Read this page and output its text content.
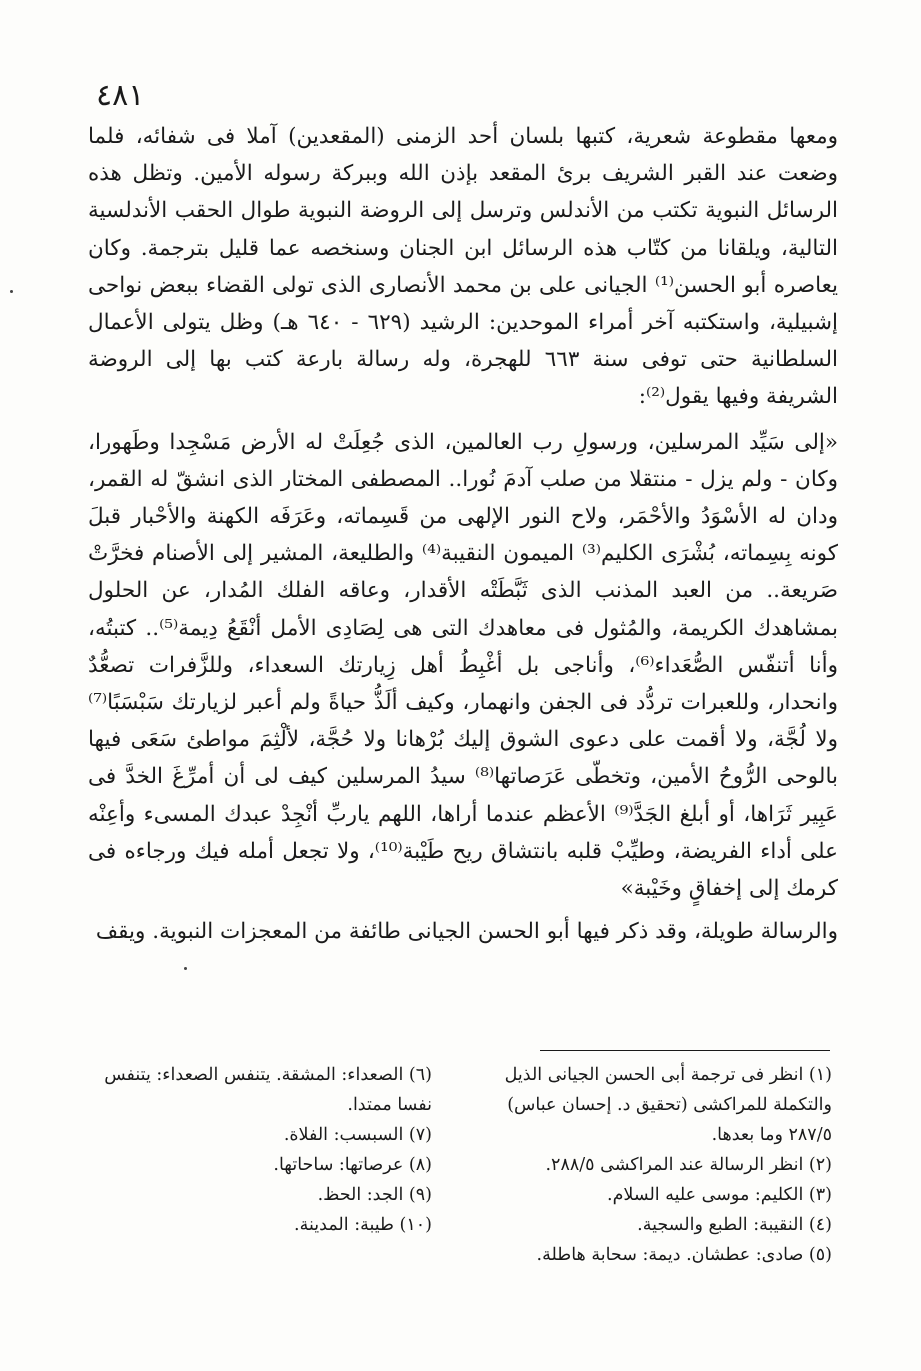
٤٨١

ومعها مقطوعة شعرية، كتبها بلسان أحد الزمنى (المقعدين) آملا فى شفائه، فلما وضعت عند القبر الشريف برئ المقعد بإذن الله وببركة رسوله الأمين. وتظل هذه الرسائل النبوية تكتب من الأندلس وترسل إلى الروضة النبوية طوال الحقب الأندلسية التالية، ويلقانا من كتّاب هذه الرسائل ابن الجنان وسنخصه عما قليل بترجمة. وكان يعاصره أبو الحسن⁽¹⁾ الجيانى على بن محمد الأنصارى الذى تولى القضاء ببعض نواحى إشبيلية، واستكتبه آخر أمراء الموحدين: الرشيد (٦٢٩ - ٦٤٠ هـ) وظل يتولى الأعمال السلطانية حتى توفى سنة ٦٦٣ للهجرة، وله رسالة بارعة كتب بها إلى الروضة الشريفة وفيها يقول⁽²⁾:

«إلى سَيِّد المرسلين، ورسولِ رب العالمين، الذى جُعِلَتْ له الأرض مَسْجِدا وطَهورا، وكان - ولم يزل - منتقلا من صلب آدمَ نُورا.. المصطفى المختار الذى انشقّ له القمر، ودان له الأسْوَدُ والأحْمَر، ولاح النور الإلهى من قَسِماته، وعَرَفَه الكهنة والأحْبار قبلَ كونه بِسِماته، بُشْرَى الكليم⁽³⁾ الميمون النقيبة⁽⁴⁾ والطليعة، المشير إلى الأصنام فخرَّتْ صَريعة.. من العبد المذنب الذى ثَبَّطَتْه الأقدار، وعاقه الفلك المُدار، عن الحلول بمشاهدك الكريمة، والمُثول فى معاهدك التى هى لِصَادِى الأمل أنْقَعُ دِيمة⁽⁵⁾.. كتبتُه، وأنا أتنفّس الصُّعَداء⁽⁶⁾، وأناجى بل أغْبِطُ أهل زِيارتك السعداء، وللزَّفرات تصعُّدٌ وانحدار، وللعبرات تردُّد فى الجفن وانهمار، وكيف ألَذُّ حياةً ولم أعبر لزيارتك سَبْسَبًا⁽⁷⁾ ولا لُجَّة، ولا أقمت على دعوى الشوق إليك بُرْهانا ولا حُجَّة، لألْثِمَ مواطئ سَعَى فيها بالوحى الرُّوحُ الأمين، وتخطّى عَرَصاتها⁽⁸⁾ سيدُ المرسلين كيف لى أن أمرِّغَ الخدَّ فى عَبِير ثَرَاها، أو أبلغ الجَدَّ⁽⁹⁾ الأعظم عندما أراها، اللهم ياربِّ أنْجِدْ عبدك المسىء وأعِنْه على أداء الفريضة، وطيِّبْ قلبه بانتشاق ريح طَيْبة⁽¹⁰⁾، ولا تجعل أمله فيك ورجاءه فى كرمك إلى إخفاقٍ وخَيْبة»

والرسالة طويلة، وقد ذكر فيها أبو الحسن الجيانى طائفة من المعجزات النبوية. ويقف

(١) انظر فى ترجمة أبى الحسن الجيانى الذيل
والتكملة للمراكشى (تحقيق د. إحسان عباس)
٢٨٧/٥ وما بعدها.
(٢) انظر الرسالة عند المراكشى ٢٨٨/٥.
(٣) الكليم: موسى عليه السلام.
(٤) النقيبة: الطبع والسجية.
(٥) صادى: عطشان. ديمة: سحابة هاطلة.
(٦) الصعداء: المشقة. يتنفس الصعداء: يتنفس
نفسا ممتدا.
(٧) السبسب: الفلاة.
(٨) عرصاتها: ساحاتها.
(٩) الجد: الحظ.
(١٠) طيبة: المدينة.
